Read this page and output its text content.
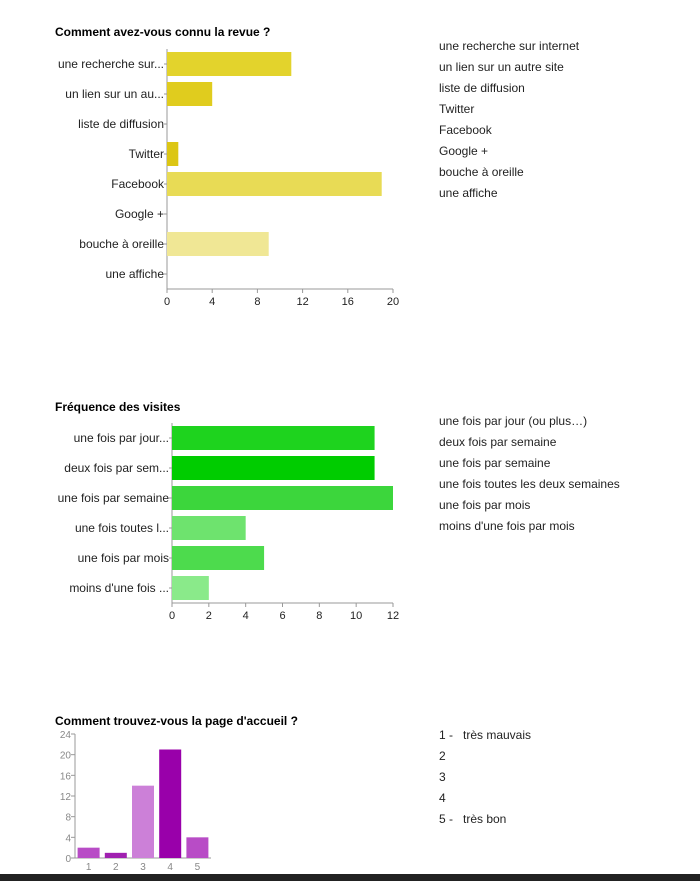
Comment avez-vous connu la revue ?
une recherche sur...
un lien sur un au...
liste de diffusion
Twitter
Facebook
Google +
bouche à oreille
une affiche
0	4	8	12	16	20
une recherche sur internet
un lien sur un autre site
liste de diffusion
Twitter
Facebook
Google +
bouche à oreille
une affiche
Fréquence des visites
une fois par jour...
deux fois par sem...
une fois par semaine
une fois toutes l...
une fois par mois
moins d'une fois ...
0	2	4	6	8	10 12
une fois par jour (ou plus…)
deux fois par semaine
une fois par semaine
une fois toutes les deux semaines
une fois par mois
moins d'une fois par mois
Comment trouvez-vous la page d'accueil ?
0
4
8
12
16
20
24
1 2 3 4 5
1 - très mauvais
2
3
4
5 - très bon
